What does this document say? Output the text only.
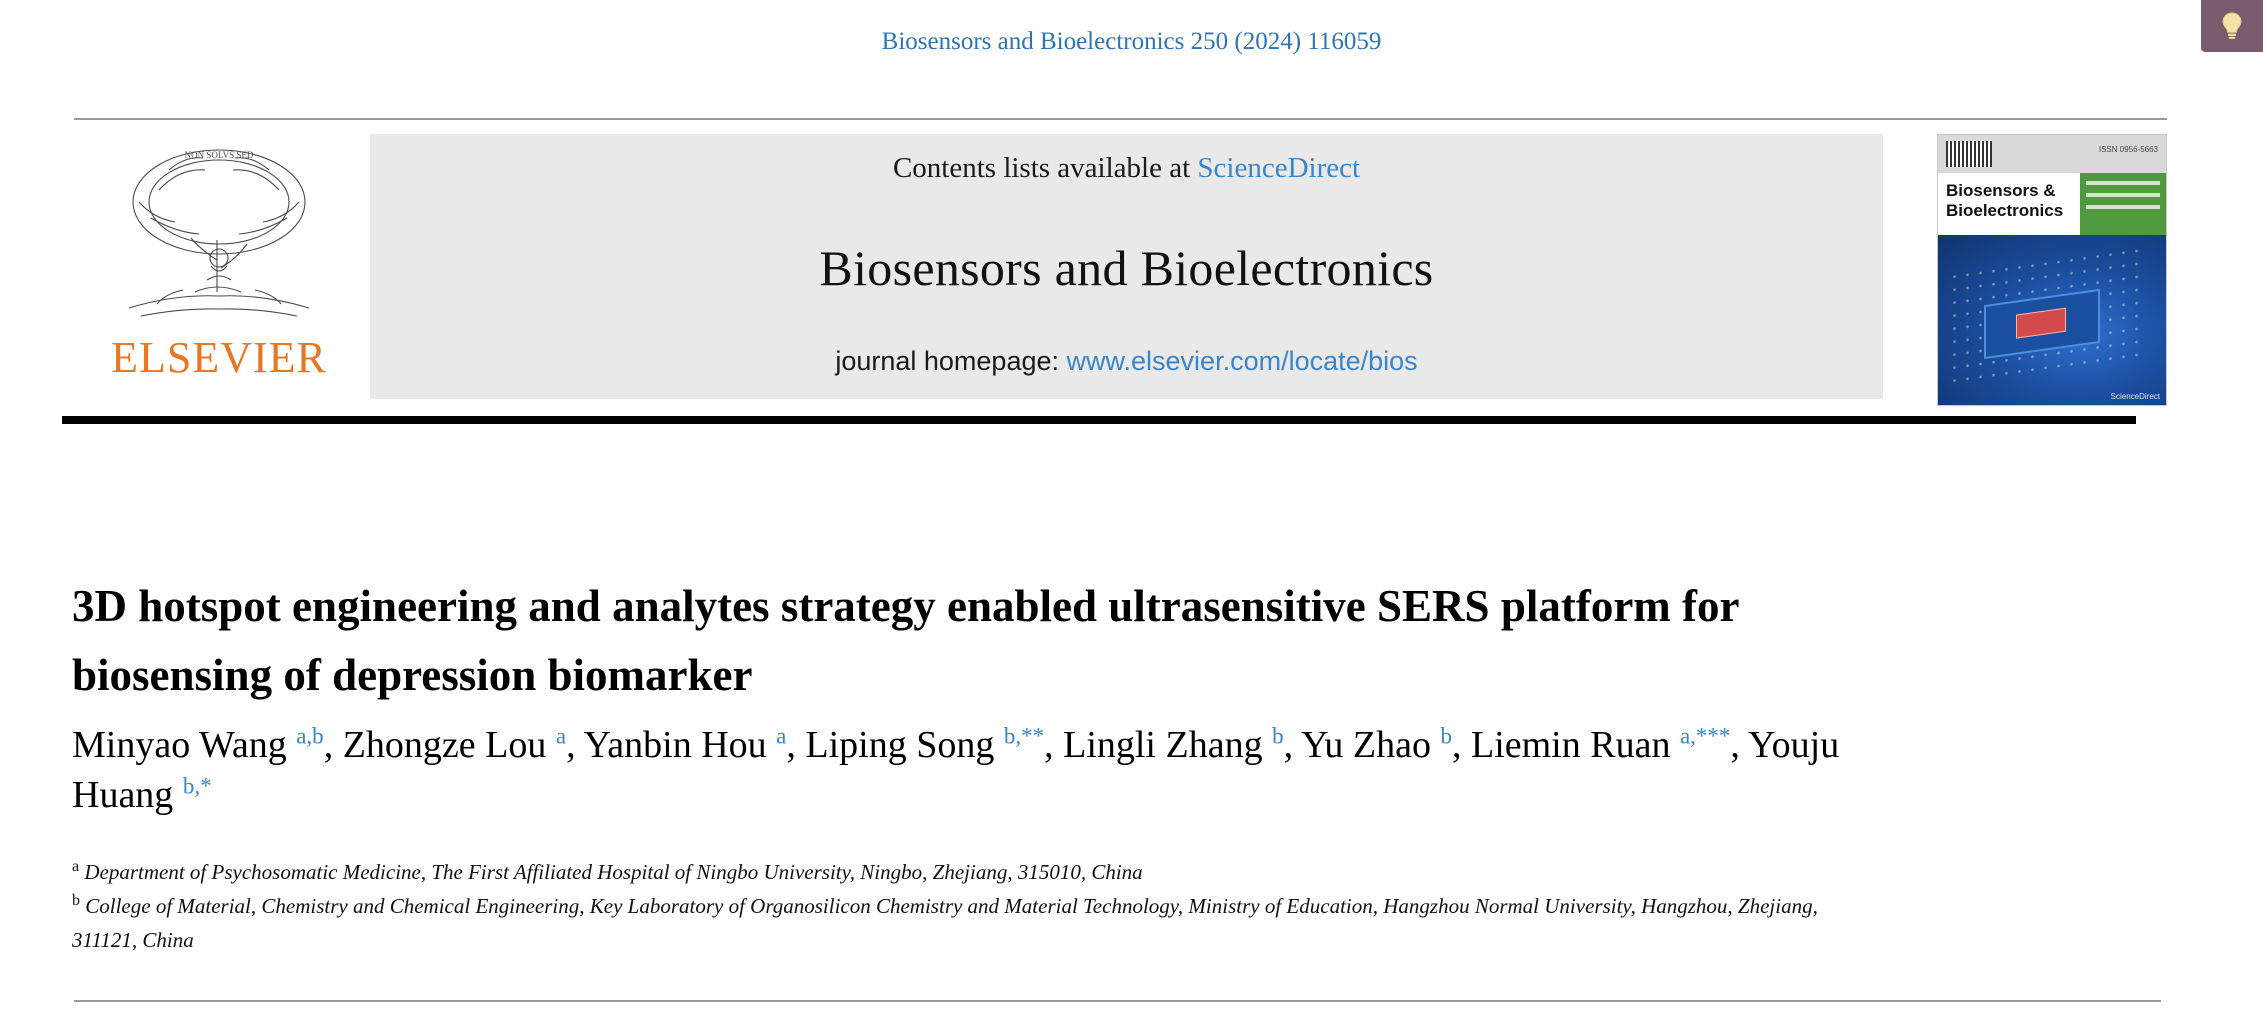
Biosensors and Bioelectronics 250 (2024) 116059
NON SOLVS SED
ELSEVIER
Contents lists available at ScienceDirect
Biosensors and Bioelectronics
journal homepage: www.elsevier.com/locate/bios
ISSN 0956-5663
Biosensors &
Bioelectronics
ScienceDirect
3D hotspot engineering and analytes strategy enabled ultrasensitive SERS platform for biosensing of depression biomarker
Minyao Wang $^{a,b}$, Zhongze Lou $^a$, Yanbin Hou $^a$, Liping Song $^{b,**}$, Lingli Zhang $^b$, Yu Zhao $^b$, Liemin Ruan $^{a,***}$, Youju Huang $^{b,*}$
$^a$ Department of Psychosomatic Medicine, The First Affiliated Hospital of Ningbo University, Ningbo, Zhejiang, 315010, China
$^b$ College of Material, Chemistry and Chemical Engineering, Key Laboratory of Organosilicon Chemistry and Material Technology, Ministry of Education, Hangzhou Normal University, Hangzhou, Zhejiang, 311121, China
